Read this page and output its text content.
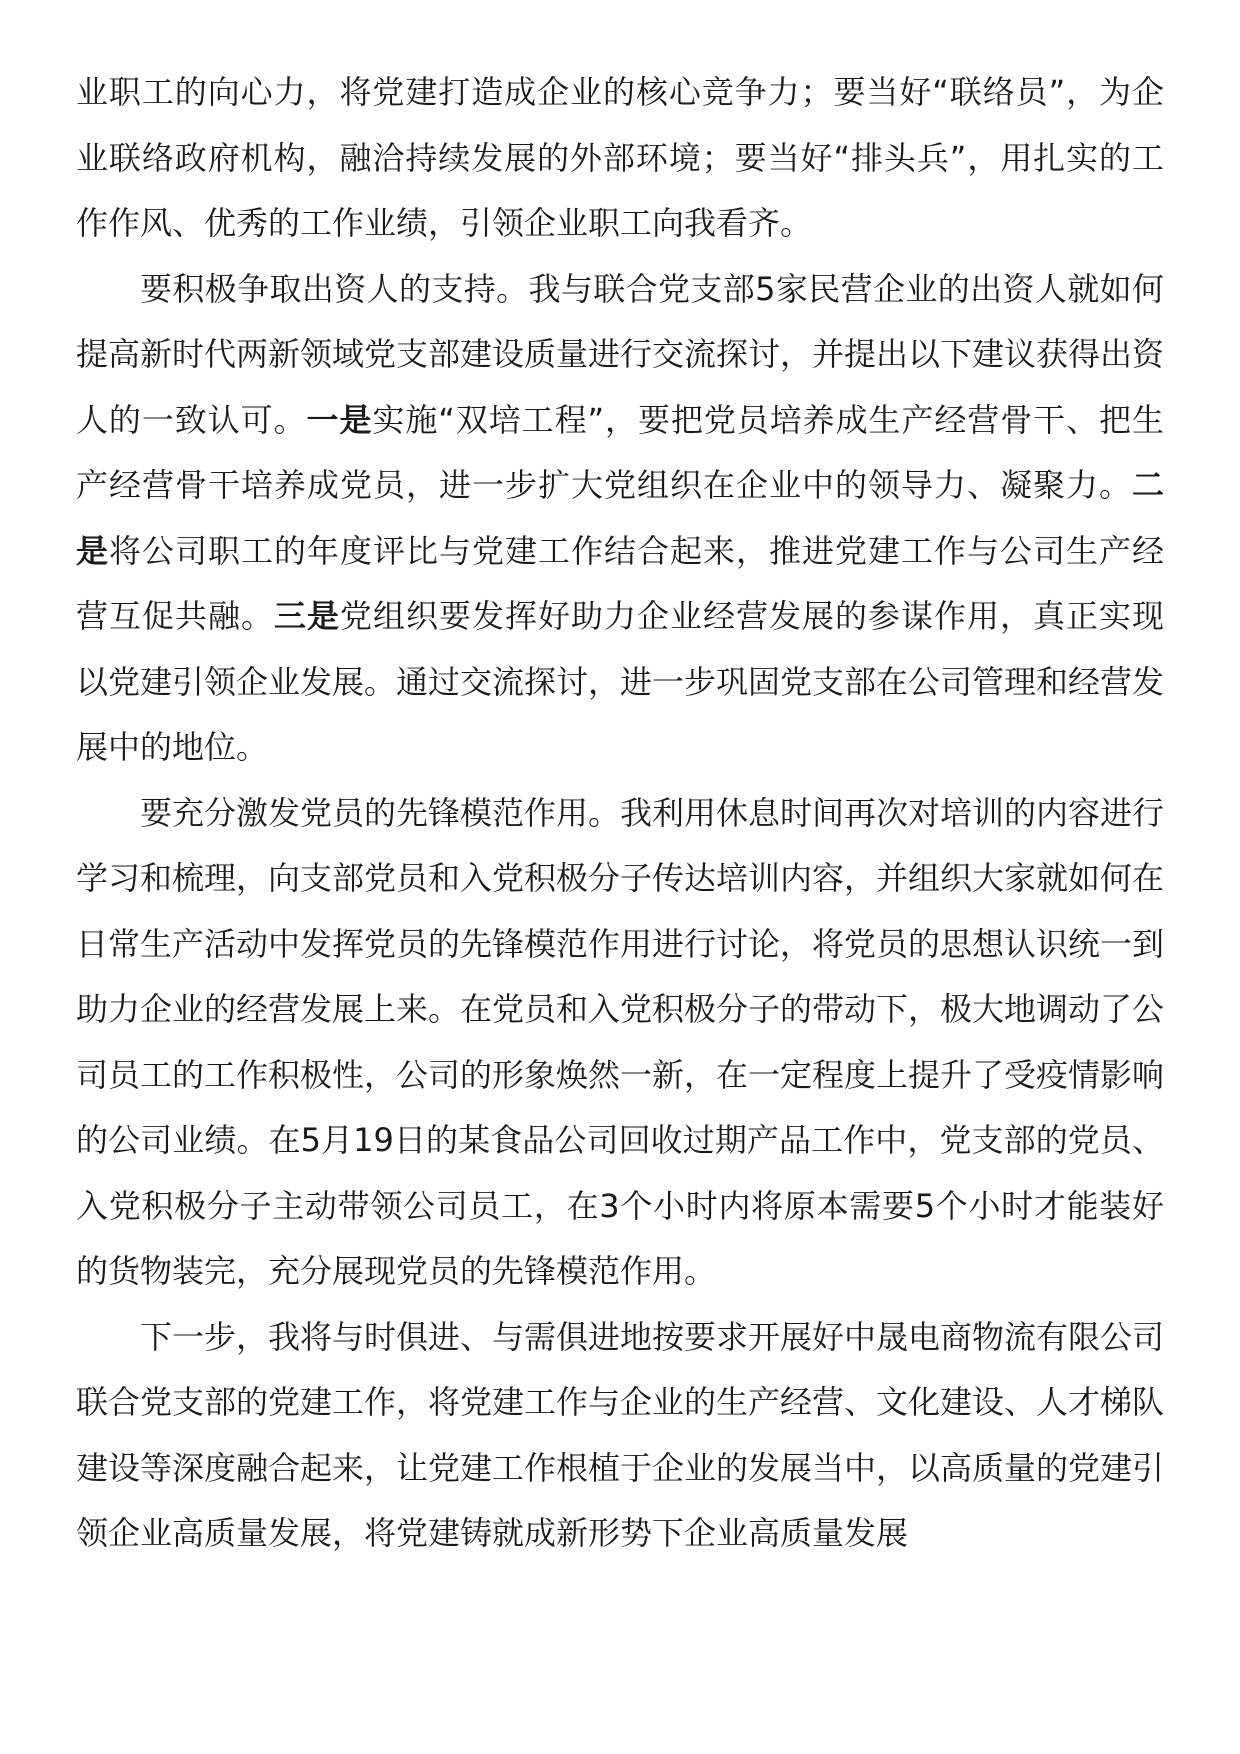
业职工的向心力，将党建打造成企业的核心竞争力；要当好“联络员”，为企业联络政府机构，融洽持续发展的外部环境；要当好“排头兵”，用扎实的工作作风、优秀的工作业绩，引领企业职工向我看齐。

要积极争取出资人的支持。我与联合党支部5家民营企业的出资人就如何提高新时代两新领域党支部建设质量进行交流探讨，并提出以下建议获得出资人的一致认可。一是实施“双培工程”，要把党员培养成生产经营骨干、把生产经营骨干培养成党员，进一步扩大党组织在企业中的领导力、凝聚力。二是将公司职工的年度评比与党建工作结合起来，推进党建工作与公司生产经营互促共融。三是党组织要发挥好助力企业经营发展的参谋作用，真正实现以党建引领企业发展。通过交流探讨，进一步巩固党支部在公司管理和经营发展中的地位。

要充分激发党员的先锋模范作用。我利用休息时间再次对培训的内容进行学习和梳理，向支部党员和入党积极分子传达培训内容，并组织大家就如何在日常生产活动中发挥党员的先锋模范作用进行讨论，将党员的思想认识统一到助力企业的经营发展上来。在党员和入党积极分子的带动下，极大地调动了公司员工的工作积极性，公司的形象焕然一新，在一定程度上提升了受疫情影响的公司业绩。在5月19日的某食品公司回收过期产品工作中，党支部的党员、入党积极分子主动带领公司员工，在3个小时内将原本需要5个小时才能装好的货物装完，充分展现党员的先锋模范作用。

下一步，我将与时俱进、与需俱进地按要求开展好中晟电商物流有限公司联合党支部的党建工作，将党建工作与企业的生产经营、文化建设、人才梯队建设等深度融合起来，让党建工作根植于企业的发展当中，以高质量的党建引领企业高质量发展，将党建铸就成新形势下企业高质量发展
